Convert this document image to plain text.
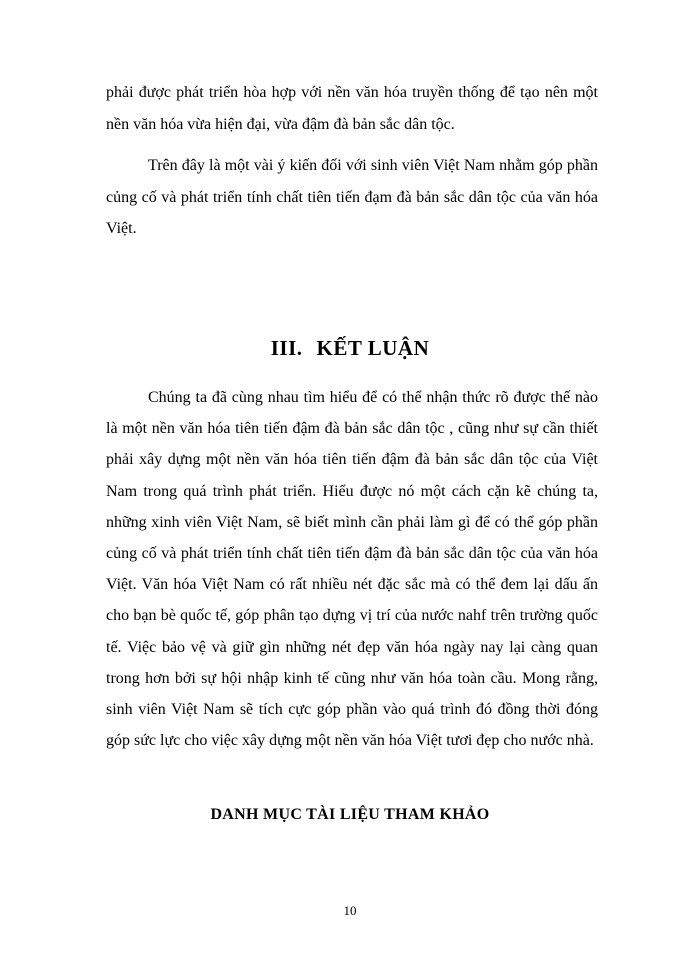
phải được phát triển hòa hợp với nền văn hóa truyền thống để tạo nên một nền văn hóa vừa hiện đại, vừa đậm đà bản sắc dân tộc.

Trên đây là một vài ý kiến đối với sinh viên Việt Nam nhằm góp phần củng cố và phát triển tính chất tiên tiến đạm đà bản sắc dân tộc của văn hóa Việt.

III. KẾT LUẬN

Chúng ta đã cùng nhau tìm hiểu để có thể nhận thức rõ được thế nào là một nền văn hóa tiên tiến đậm đà bản sắc dân tộc , cũng như sự cần thiết phải xây dựng một nền văn hóa tiên tiến đậm đà bản sắc dân tộc của Việt Nam trong quá trình phát triển. Hiểu được nó một cách cặn kẽ chúng ta, những xinh viên Việt Nam, sẽ biết mình cần phải làm gì để có thể góp phần củng cố và phát triển tính chất tiên tiến đậm đà bản sắc dân tộc của văn hóa Việt. Văn hóa Việt Nam có rất nhiều nét đặc sắc mà có thể đem lại dấu ấn cho bạn bè quốc tế, góp phân tạo dựng vị trí của nước nahf trên trường quốc tế. Việc bảo vệ và giữ gìn những nét đẹp văn hóa ngày nay lại càng quan trong hơn bởi sự hội nhập kinh tế cũng như văn hóa toàn cầu. Mong rằng, sinh viên Việt Nam sẽ tích cực góp phần vào quá trình đó đồng thời đóng góp sức lực cho việc xây dựng một nền văn hóa Việt tươi đẹp cho nước nhà.

DANH MỤC TÀI LIỆU THAM KHẢO
10
